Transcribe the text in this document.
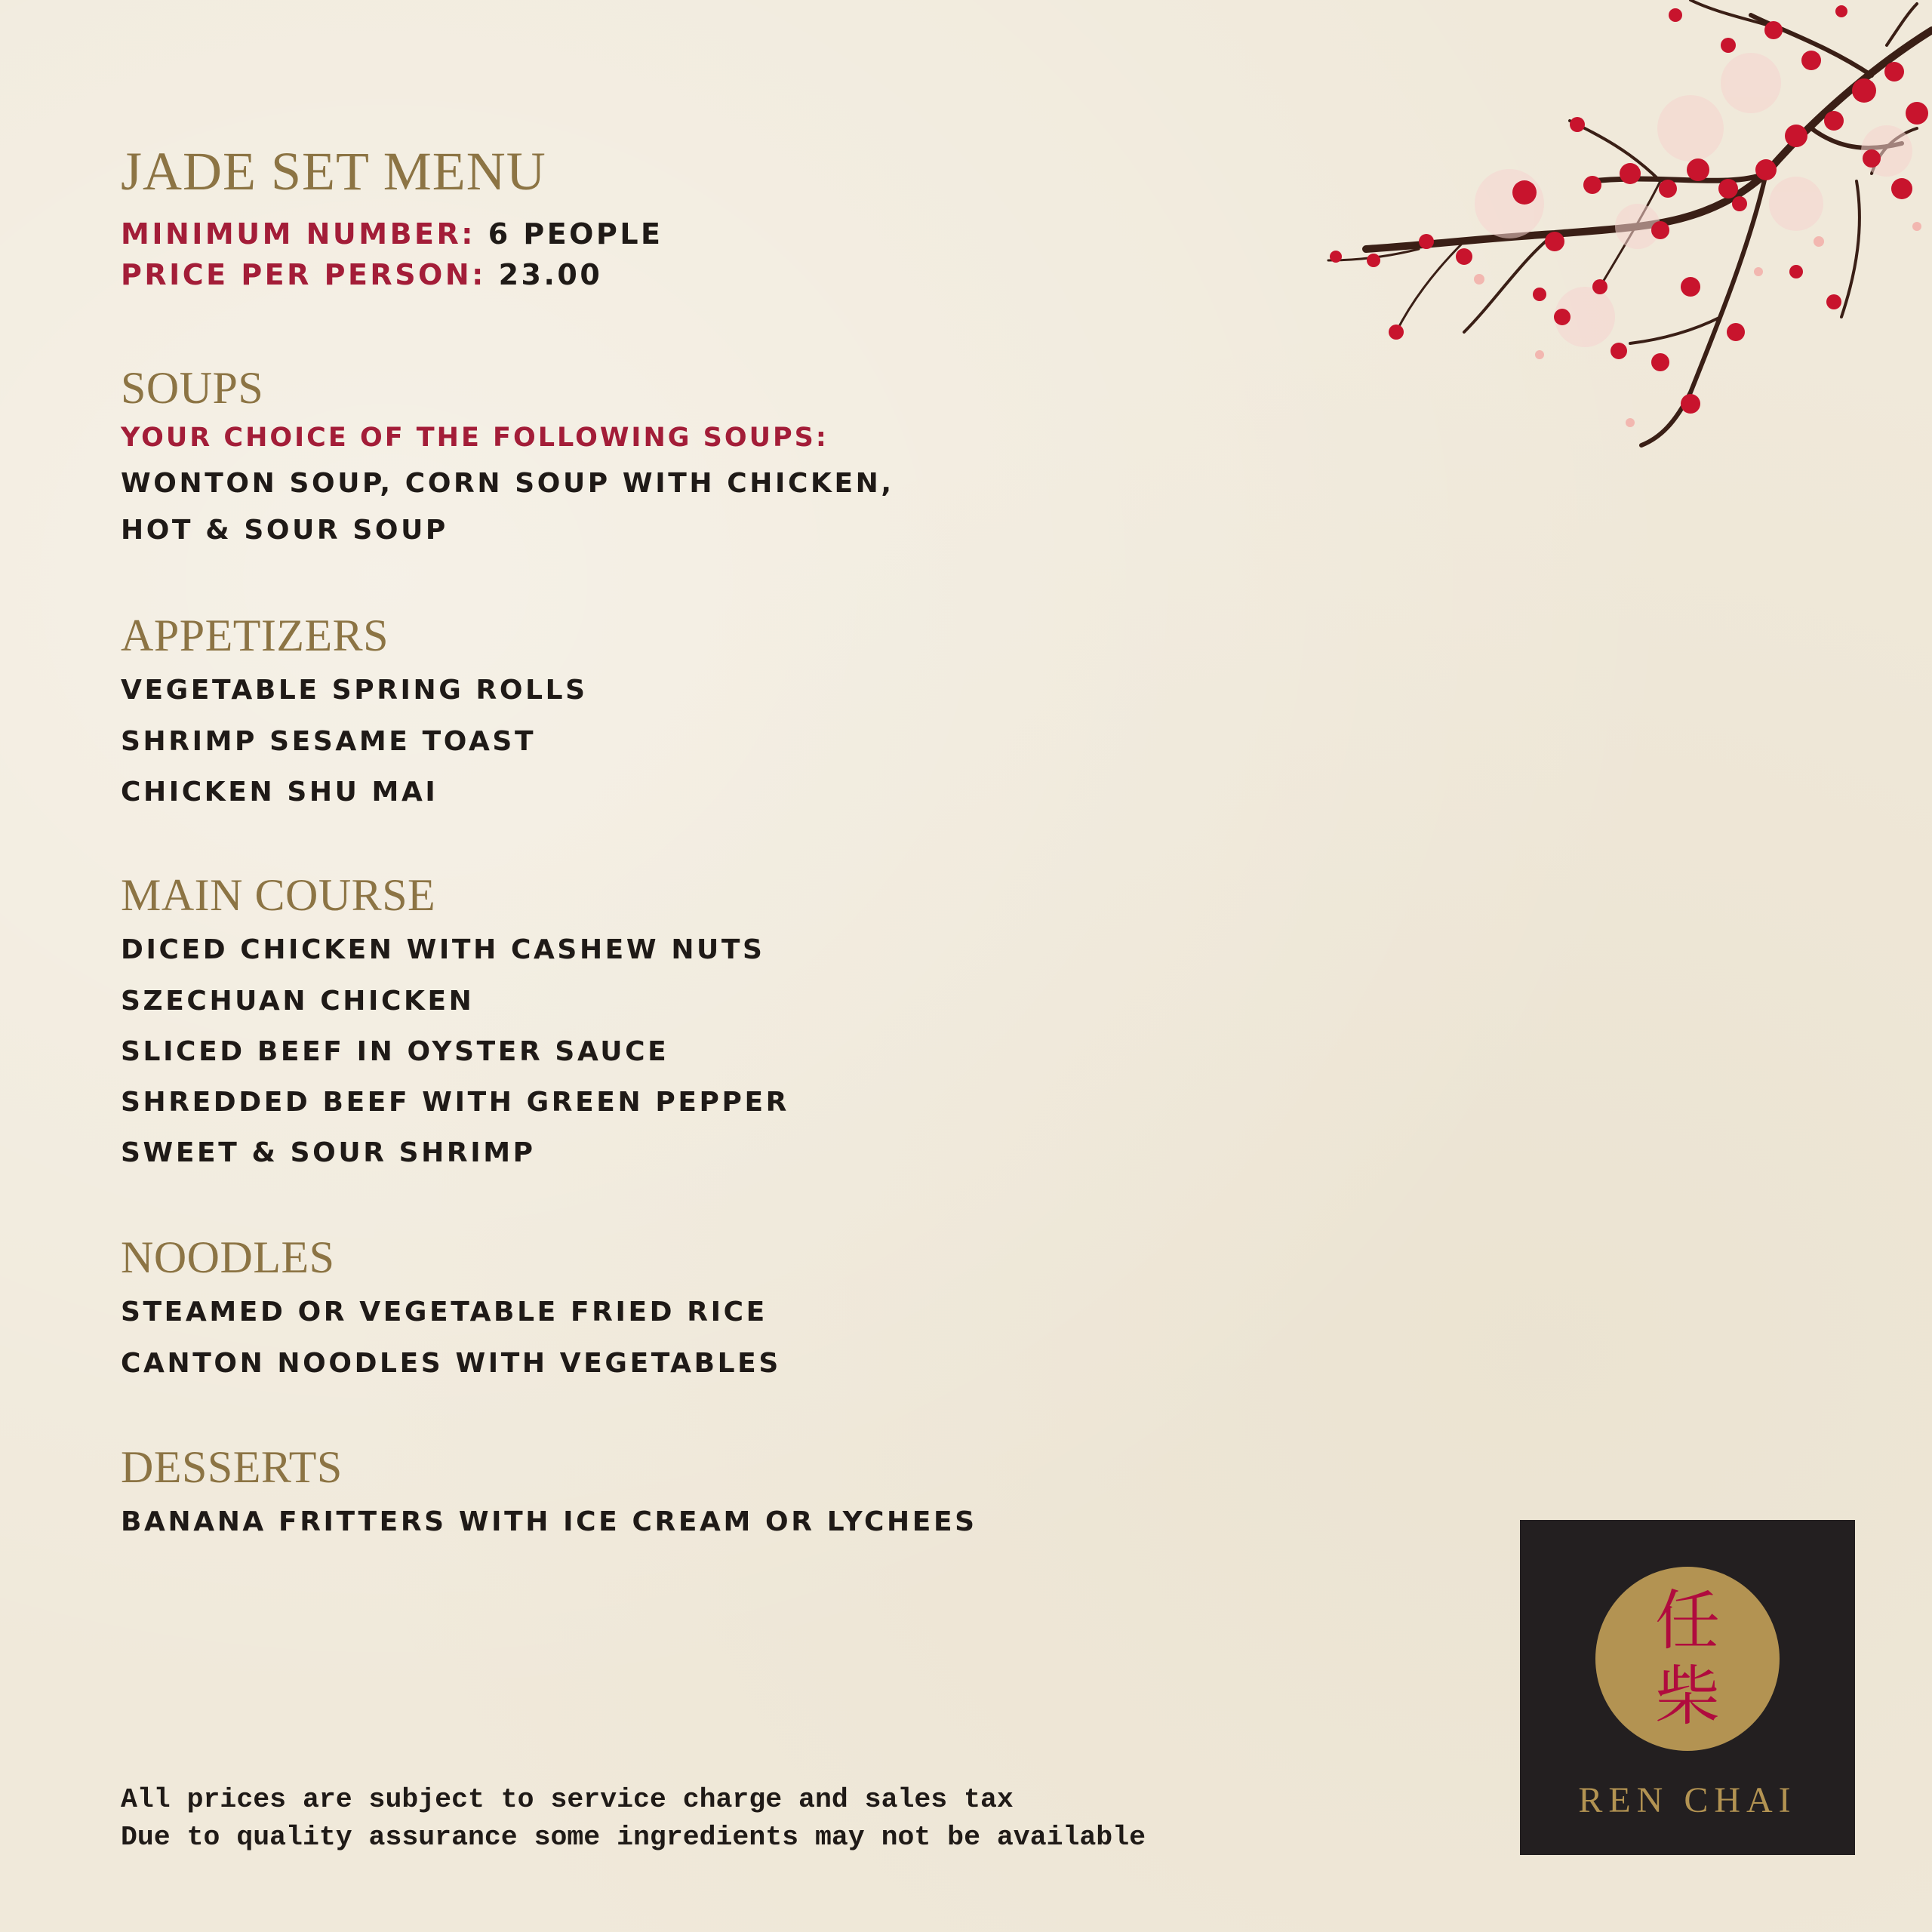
JADE SET MENU
MINIMUM NUMBER: 6 PEOPLE
PRICE PER PERSON: 23.00
SOUPS
YOUR CHOICE OF THE FOLLOWING SOUPS:
WONTON SOUP, CORN SOUP WITH CHICKEN,
HOT & SOUR SOUP
APPETIZERS
VEGETABLE SPRING ROLLS
SHRIMP SESAME TOAST
CHICKEN SHU MAI
MAIN COURSE
DICED CHICKEN WITH CASHEW NUTS
SZECHUAN CHICKEN
SLICED BEEF IN OYSTER SAUCE
SHREDDED BEEF WITH GREEN PEPPER
SWEET & SOUR SHRIMP
NOODLES
STEAMED OR VEGETABLE FRIED RICE
CANTON NOODLES WITH VEGETABLES
DESSERTS
BANANA FRITTERS WITH ICE CREAM OR LYCHEES
All prices are subject to service charge and sales tax
Due to quality assurance some ingredients may not be available
任
柴
REN CHAI
